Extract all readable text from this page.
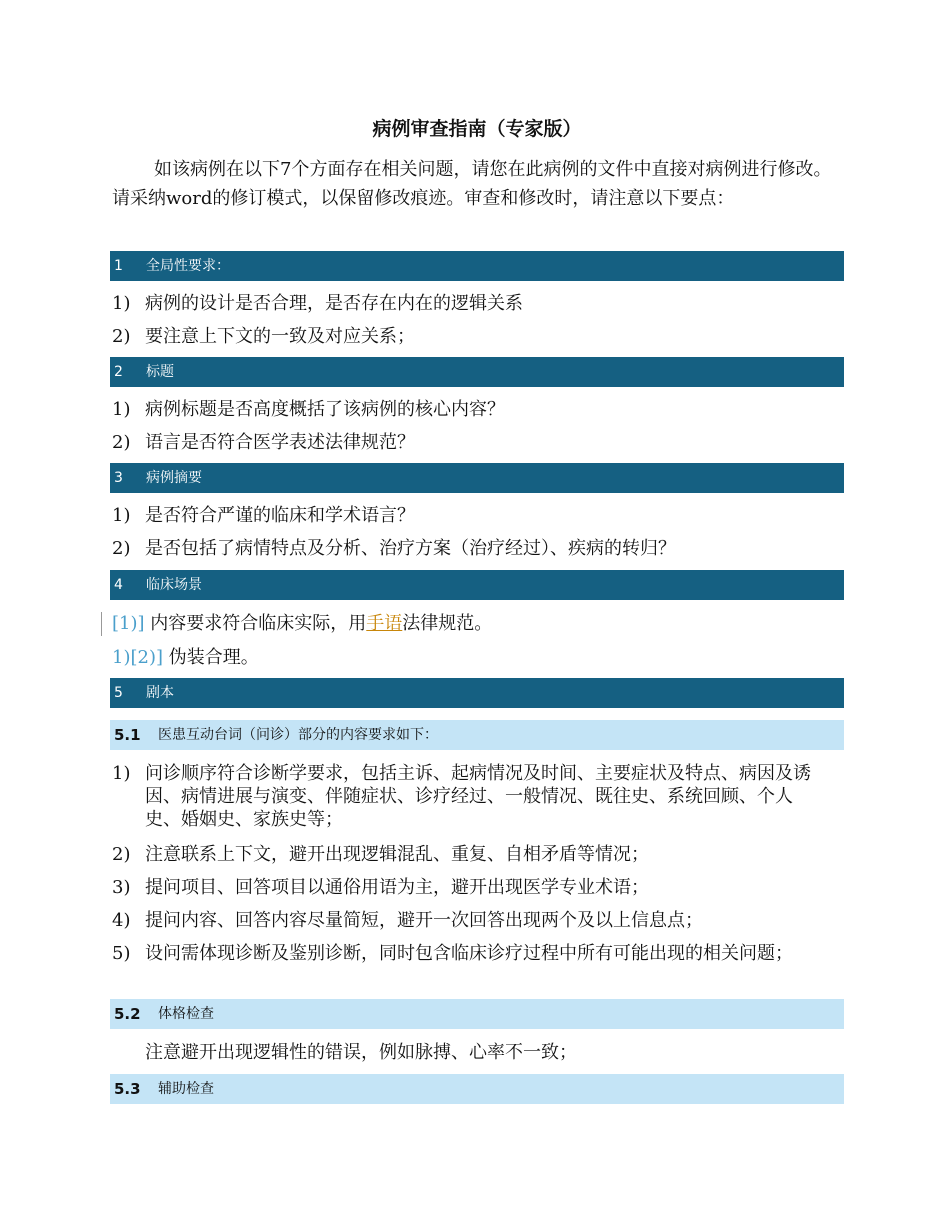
病例审查指南（专家版）
如该病例在以下7个方面存在相关问题，请您在此病例的文件中直接对病例进行修改。请采纳word的修订模式，以保留修改痕迹。审查和修改时，请注意以下要点：
1 全局性要求：
1) 病例的设计是否合理，是否存在内在的逻辑关系
2) 要注意上下文的一致及对应关系；
2 标题
1) 病例标题是否高度概括了该病例的核心内容？
2) 语言是否符合医学表述法律规范？
3 病例摘要
1) 是否符合严谨的临床和学术语言？
2) 是否包括了病情特点及分析、治疗方案（治疗经过）、疾病的转归？
4 临床场景
[1)] 内容要求符合临床实际，用手语法律规范。
1)[2)] 伪装合理。
5 剧本
5.1 医患互动台词（问诊）部分的内容要求如下：
1) 问诊顺序符合诊断学要求，包括主诉、起病情况及时间、主要症状及特点、病因及诱因、病情进展与演变、伴随症状、诊疗经过、一般情况、既往史、系统回顾、个人史、婚姻史、家族史等；
2) 注意联系上下文，避开出现逻辑混乱、重复、自相矛盾等情况；
3) 提问项目、回答项目以通俗用语为主，避开出现医学专业术语；
4) 提问内容、回答内容尽量简短，避开一次回答出现两个及以上信息点；
5) 设问需体现诊断及鉴别诊断，同时包含临床诊疗过程中所有可能出现的相关问题；
5.2 体格检查
注意避开出现逻辑性的错误，例如脉搏、心率不一致；
5.3 辅助检查
